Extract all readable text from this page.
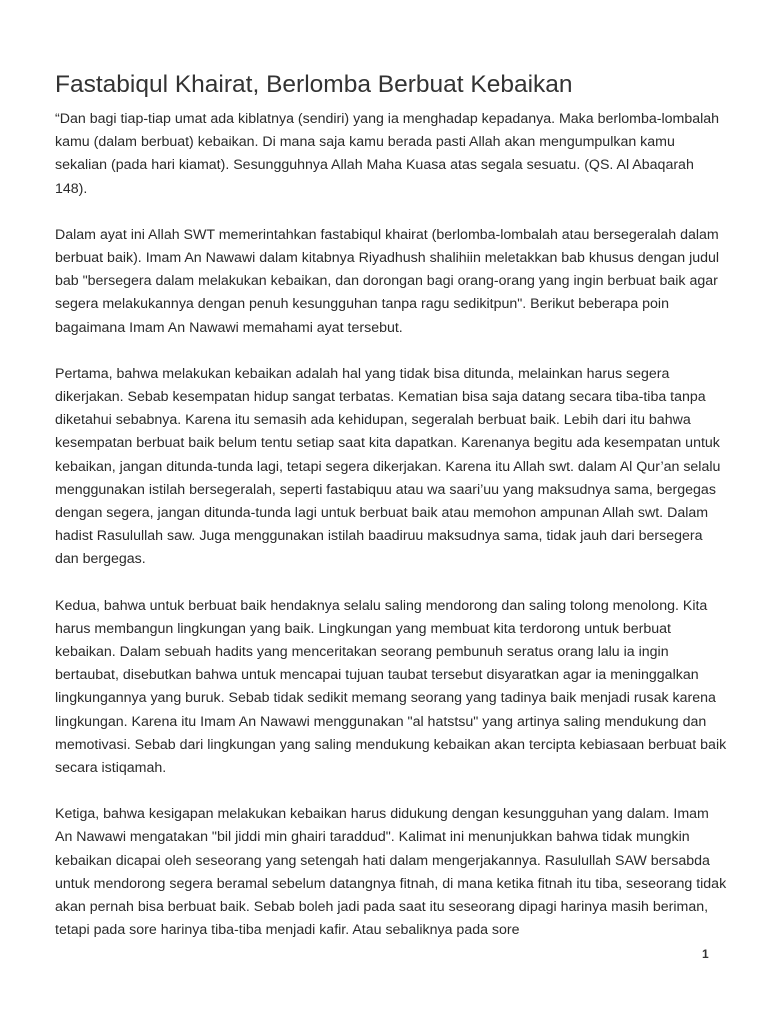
Fastabiqul Khairat, Berlomba Berbuat Kebaikan

“Dan bagi tiap-tiap umat ada kiblatnya (sendiri) yang ia menghadap kepadanya. Maka berlomba-lombalah kamu (dalam berbuat) kebaikan. Di mana saja kamu berada pasti Allah akan mengumpulkan kamu sekalian (pada hari kiamat). Sesungguhnya Allah Maha Kuasa atas segala sesuatu. (QS. Al Abaqarah 148).

Dalam ayat ini Allah SWT memerintahkan fastabiqul khairat (berlomba-lombalah atau bersegeralah dalam berbuat baik). Imam An Nawawi dalam kitabnya Riyadhush shalihiin meletakkan bab khusus dengan judul bab "bersegera dalam melakukan kebaikan, dan dorongan bagi orang-orang yang ingin berbuat baik agar segera melakukannya dengan penuh kesungguhan tanpa ragu sedikitpun". Berikut beberapa poin bagaimana Imam An Nawawi memahami ayat tersebut.

Pertama, bahwa melakukan kebaikan adalah hal yang tidak bisa ditunda, melainkan harus segera dikerjakan. Sebab kesempatan hidup sangat terbatas. Kematian bisa saja datang secara tiba-tiba tanpa diketahui sebabnya. Karena itu semasih ada kehidupan, segeralah berbuat baik. Lebih dari itu bahwa kesempatan berbuat baik belum tentu setiap saat kita dapatkan. Karenanya begitu ada kesempatan untuk kebaikan, jangan ditunda-tunda lagi, tetapi segera dikerjakan. Karena itu Allah swt. dalam Al Qur’an selalu menggunakan istilah bersegeralah, seperti fastabiquu atau wa saari’uu yang maksudnya sama, bergegas dengan segera, jangan ditunda-tunda lagi untuk berbuat baik atau memohon ampunan Allah swt. Dalam hadist Rasulullah saw. Juga menggunakan istilah baadiruu maksudnya sama, tidak jauh dari bersegera dan bergegas.

Kedua, bahwa untuk berbuat baik hendaknya selalu saling mendorong dan saling tolong menolong. Kita harus membangun lingkungan yang baik. Lingkungan yang membuat kita terdorong untuk berbuat kebaikan. Dalam sebuah hadits yang menceritakan seorang pembunuh seratus orang lalu ia ingin bertaubat, disebutkan bahwa untuk mencapai tujuan taubat tersebut disyaratkan agar ia meninggalkan lingkungannya yang buruk. Sebab tidak sedikit memang seorang yang tadinya baik menjadi rusak karena lingkungan. Karena itu Imam An Nawawi menggunakan "al hatstsu" yang artinya saling mendukung dan memotivasi. Sebab dari lingkungan yang saling mendukung kebaikan akan tercipta kebiasaan berbuat baik secara istiqamah.

Ketiga, bahwa kesigapan melakukan kebaikan harus didukung dengan kesungguhan yang dalam. Imam An Nawawi mengatakan "bil jiddi min ghairi taraddud". Kalimat ini menunjukkan bahwa tidak mungkin kebaikan dicapai oleh seseorang yang setengah hati dalam mengerjakannya. Rasulullah SAW bersabda untuk mendorong segera beramal sebelum datangnya fitnah, di mana ketika fitnah itu tiba, seseorang tidak akan pernah bisa berbuat baik. Sebab boleh jadi pada saat itu seseorang dipagi harinya masih beriman, tetapi pada sore harinya tiba-tiba menjadi kafir. Atau sebaliknya pada sore

1
